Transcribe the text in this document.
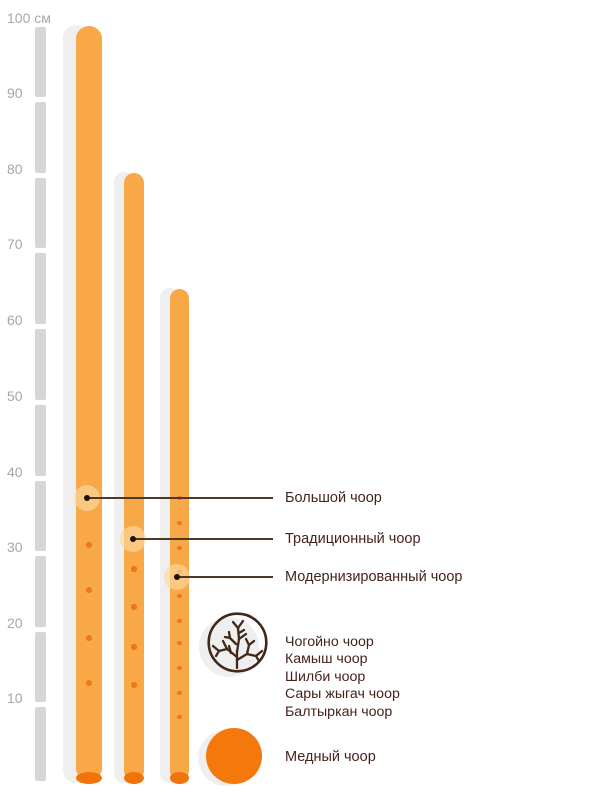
100 см
90
80
70
60
50
40
30
20
10
Большой чоор
Традиционный чоор
Модернизированный чоор
Чогойно чоор
Камыш чоор
Шилби чоор
Сары жыгач чоор
Балтыркан чоор
Медный чоор
